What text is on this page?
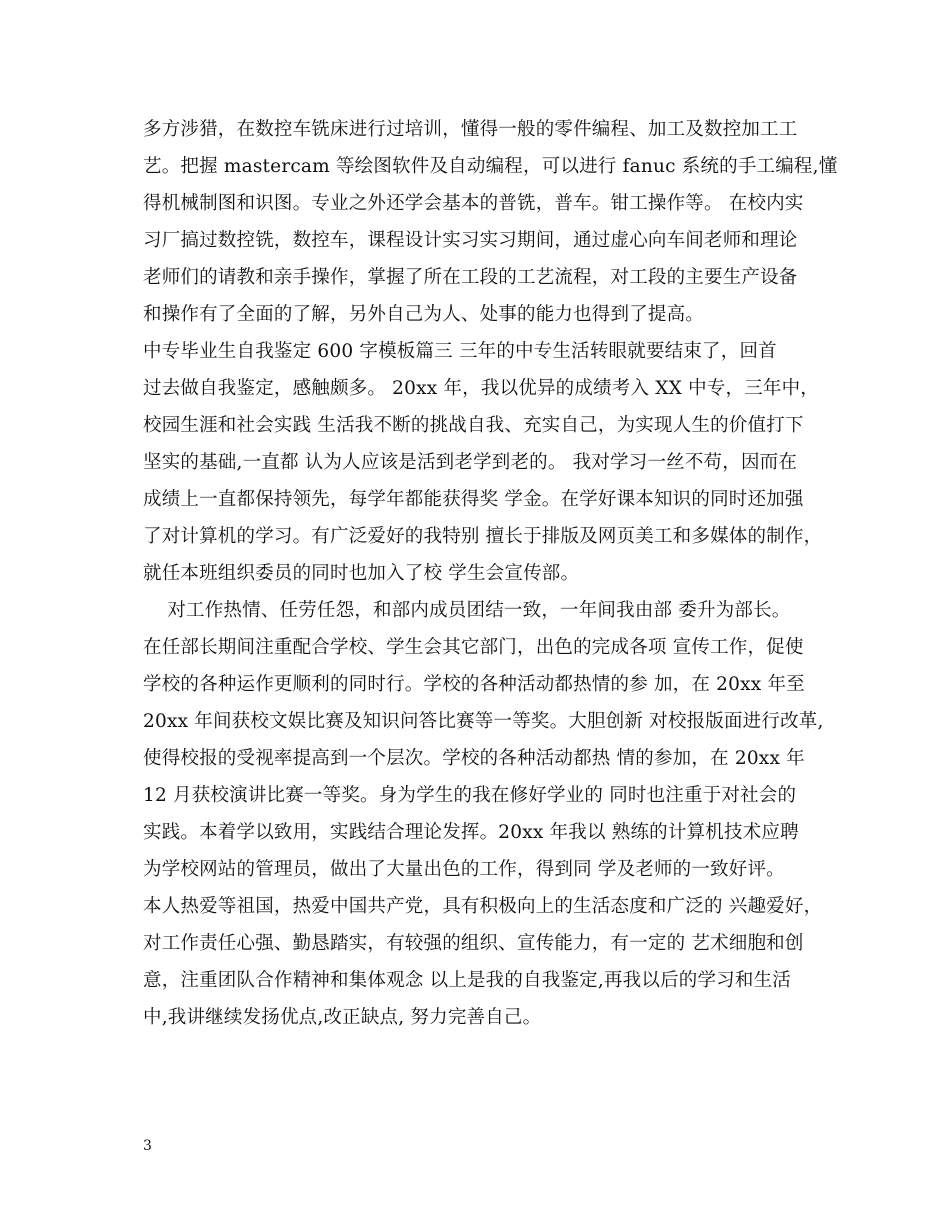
多方涉猎，在数控车铣床进行过培训，懂得一般的零件编程、加工及数控加工工
艺。把握 mastercam 等绘图软件及自动编程，可以进行 fanuc 系统的手工编程,懂
得机械制图和识图。专业之外还学会基本的普铣，普车。钳工操作等。 在校内实
习厂搞过数控铣，数控车，课程设计实习实习期间，通过虚心向车间老师和理论
老师们的请教和亲手操作，掌握了所在工段的工艺流程，对工段的主要生产设备
和操作有了全面的了解，另外自己为人、处事的能力也得到了提高。
中专毕业生自我鉴定 600 字模板篇三 三年的中专生活转眼就要结束了，回首
过去做自我鉴定，感触颇多。 20xx 年，我以优异的成绩考入 XX 中专，三年中，
校园生涯和社会实践 生活我不断的挑战自我、充实自己，为实现人生的价值打下
坚实的基础,一直都 认为人应该是活到老学到老的。 我对学习一丝不苟，因而在
成绩上一直都保持领先，每学年都能获得奖 学金。在学好课本知识的同时还加强
了对计算机的学习。有广泛爱好的我特别 擅长于排版及网页美工和多媒体的制作，
就任本班组织委员的同时也加入了校 学生会宣传部。
对工作热情、任劳任怨，和部内成员团结一致，一年间我由部 委升为部长。
在任部长期间注重配合学校、学生会其它部门，出色的完成各项 宣传工作，促使
学校的各种运作更顺利的同时行。学校的各种活动都热情的参 加，在 20xx 年至
20xx 年间获校文娱比赛及知识问答比赛等一等奖。大胆创新 对校报版面进行改革,
使得校报的受视率提高到一个层次。学校的各种活动都热 情的参加，在 20xx 年
12 月获校演讲比赛一等奖。身为学生的我在修好学业的 同时也注重于对社会的
实践。本着学以致用，实践结合理论发挥。20xx 年我以 熟练的计算机技术应聘
为学校网站的管理员，做出了大量出色的工作，得到同 学及老师的一致好评。
本人热爱等祖国，热爱中国共产党，具有积极向上的生活态度和广泛的 兴趣爱好，
对工作责任心强、勤恳踏实，有较强的组织、宣传能力，有一定的 艺术细胞和创
意，注重团队合作精神和集体观念 以上是我的自我鉴定,再我以后的学习和生活
中,我讲继续发扬优点,改正缺点, 努力完善自己。
3
